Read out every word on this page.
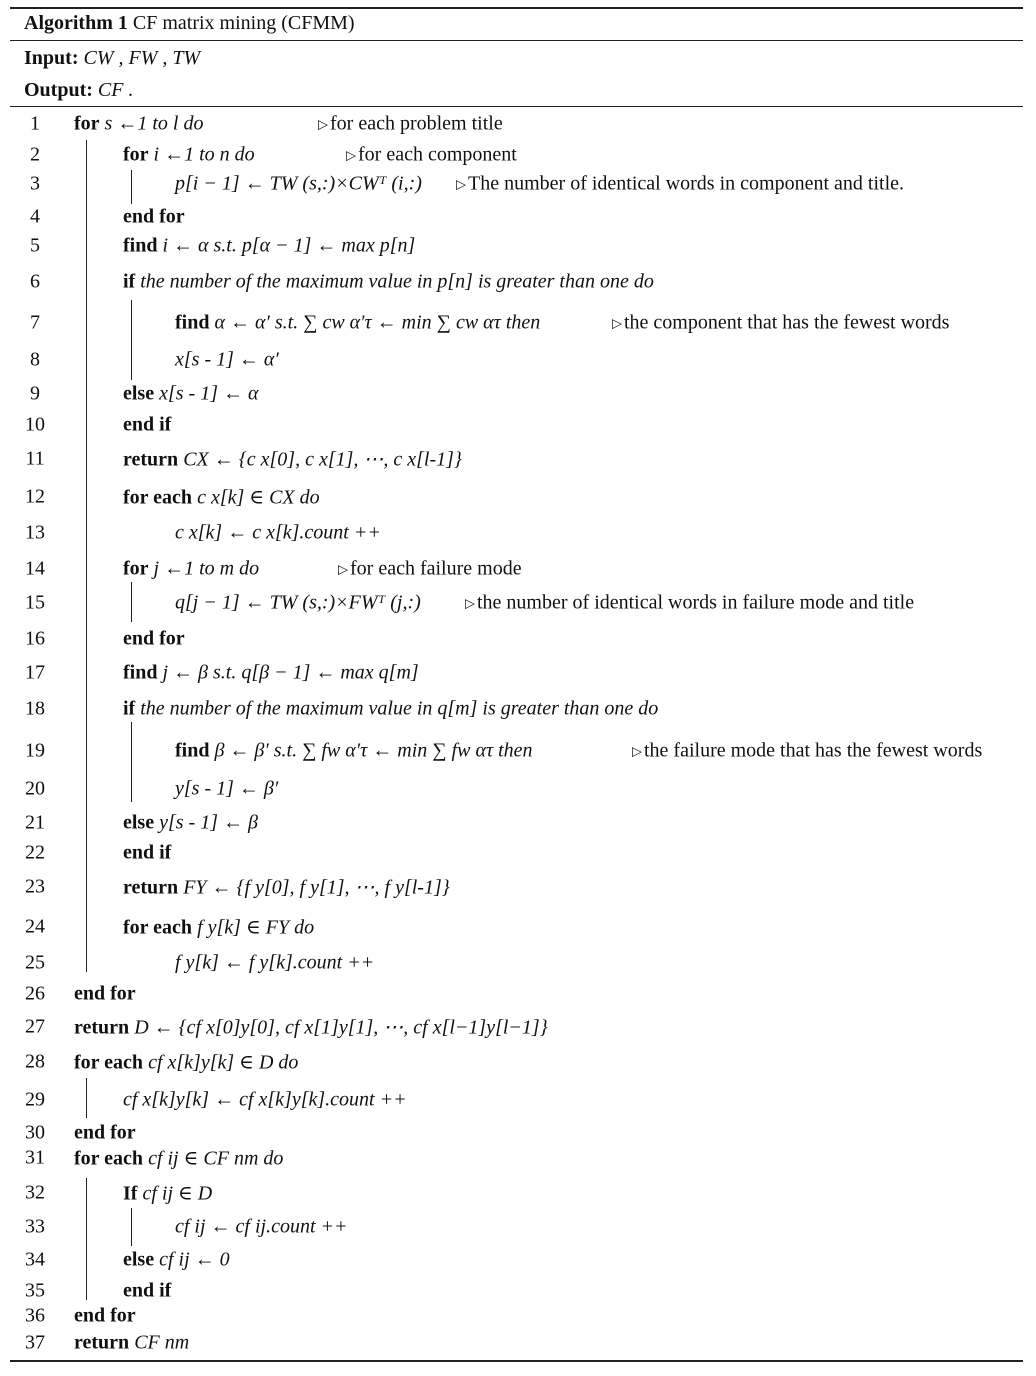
Algorithm 1 CF matrix mining (CFMM)
Input: CW , FW , TW
Output: CF .
1	for s ←1 to l do	▷ for each problem title
2	for i ←1 to n do	▷ for each component
3	p[i − 1] ← TW (s,:)×CWᵀ (i,:)	▷ The number of identical words in component and title.
4	end for
5	find i ← α s.t. p[α − 1] ← max p[n]
6	if the number of the maximum value in p[n] is greater than one do
7	find α ← α′ s.t. ∑ cw α′τ ← min ∑ cw ατ then	▷ the component that has the fewest words
8	x[s - 1] ← α′
9	else x[s - 1] ← α
10	end if
11	return CX ← {c x[0], c x[1], ⋯, c x[l-1]}
12	for each c x[k] ∈ CX do
13	c x[k] ← c x[k].count ++
14	for j ←1 to m do	▷ for each failure mode
15	q[j − 1] ← TW (s,:)×FWᵀ (j,:)	▷ the number of identical words in failure mode and title
16	end for
17	find j ← β s.t. q[β − 1] ← max q[m]
18	if the number of the maximum value in q[m] is greater than one do
19	find β ← β′ s.t. ∑ fw α′τ ← min ∑ fw ατ then	▷ the failure mode that has the fewest words
20	y[s - 1] ← β′
21	else y[s - 1] ← β
22	end if
23	return FY ← {f y[0], f y[1], ⋯, f y[l-1]}
24	for each f y[k] ∈ FY do
25	f y[k] ← f y[k].count ++
26 end for
27 return D ← {cf x[0]y[0], cf x[1]y[1], ⋯, cf x[l−1]y[l−1]}
28 for each cf x[k]y[k] ∈ D do
29	cf x[k]y[k] ← cf x[k]y[k].count ++
30 end for
31 for each cf ij ∈ CF nm do
32	If cf ij ∈ D
33	cf ij ← cf ij.count ++
34	else cf ij ← 0
35	end if
36 end for
37 return CF nm
